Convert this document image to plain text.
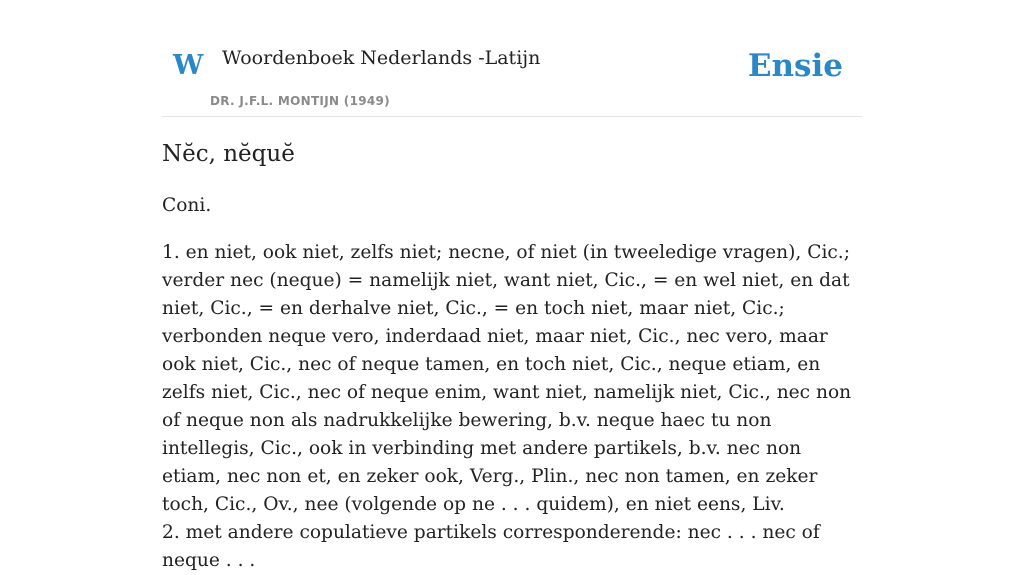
W Woordenboek Nederlands -Latijn
DR. J.F.L. MONTIJN (1949)
Ensie
Nĕc, nĕquĕ

Coni.

1. en niet, ook niet, zelfs niet; necne, of niet (in tweeledige vragen), Cic.; verder nec (neque) = namelijk niet, want niet, Cic., = en wel niet, en dat niet, Cic., = en derhalve niet, Cic., = en toch niet, maar niet, Cic.; verbonden neque vero, inderdaad niet, maar niet, Cic., nec vero, maar ook niet, Cic., nec of neque tamen, en toch niet, Cic., neque etiam, en zelfs niet, Cic., nec of neque enim, want niet, namelijk niet, Cic., nec non of neque non als nadrukkelijke bewering, b.v. neque haec tu non intellegis, Cic., ook in verbinding met andere partikels, b.v. nec non etiam, nec non et, en zeker ook, Verg., Plin., nec non tamen, en zeker toch, Cic., Ov., nee (volgende op ne . . . quidem), en niet eens, Liv.

2. met andere copulatieve partikels corresponderende: nec . . . nec of neque . . .
